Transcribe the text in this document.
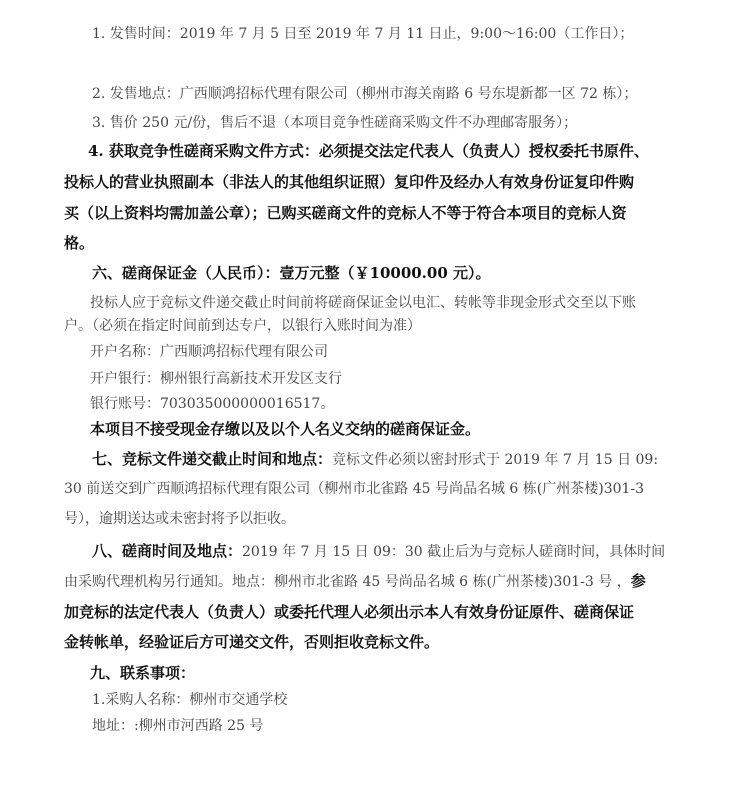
1. 发售时间：2019 年 7 月 5 日至 2019 年 7 月 11 日止，9:00～16:00（工作日）；
2. 发售地点：广西顺鸿招标代理有限公司（柳州市海关南路 6 号东堤新都一区 72 栋）；
3. 售价 250 元/份，售后不退（本项目竞争性磋商采购文件不办理邮寄服务）；
4. 获取竞争性磋商采购文件方式：必须提交法定代表人（负责人）授权委托书原件、
投标人的营业执照副本（非法人的其他组织证照）复印件及经办人有效身份证复印件购
买（以上资料均需加盖公章）；已购买磋商文件的竞标人不等于符合本项目的竞标人资
格。
六、磋商保证金（人民币）：壹万元整（￥10000.00 元）。
投标人应于竞标文件递交截止时间前将磋商保证金以电汇、转帐等非现金形式交至以下账
户。（必须在指定时间前到达专户，以银行入账时间为准）
开户名称：广西顺鸿招标代理有限公司
开户银行：柳州银行高新技术开发区支行
银行账号：703035000000016517。
本项目不接受现金存缴以及以个人名义交纳的磋商保证金。
七、竞标文件递交截止时间和地点：竞标文件必须以密封形式于 2019 年 7 月 15 日 09:
30 前送交到广西顺鸿招标代理有限公司（柳州市北雀路 45 号尚品名城 6 栋(广州茶楼)301-3
号），逾期送达或未密封将予以拒收。
八、磋商时间及地点：2019 年 7 月 15 日 09：30 截止后为与竞标人磋商时间，具体时间
由采购代理机构另行通知。地点：柳州市北雀路 45 号尚品名城 6 栋(广州茶楼)301-3 号 ，参
加竞标的法定代表人（负责人）或委托代理人必须出示本人有效身份证原件、磋商保证
金转帐单，经验证后方可递交文件，否则拒收竞标文件。
九、联系事项：
1.采购人名称：柳州市交通学校
地址：:柳州市河西路 25 号
